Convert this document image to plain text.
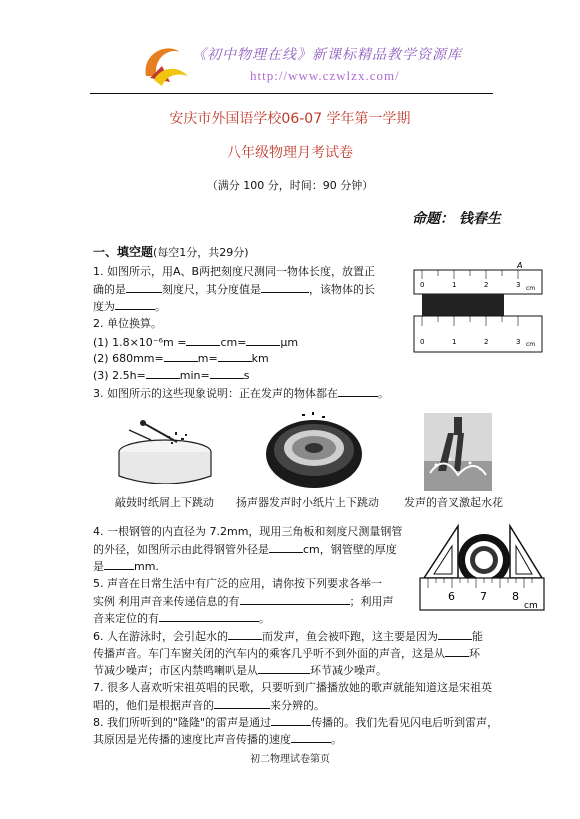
《初中物理在线》新课标精品教学资源库
http://www.czwlzx.com/
安庆市外国语学校06-07 学年第一学期
八年级物理月考试卷
（满分 100 分，时间：90 分钟）
命题： 钱春生
一、填空题(每空1分，共29分)
1. 如图所示，用A、B两把刻度尺测同一物体长度，放置正
确的是	刻度尺，其分度值是	，该物体的长
度为	。
A
0	1	2	3 cm
0	1	2	3 cm
2. 单位换算。
(1) 1.8×10⁻⁶m =	cm=	μm
(2) 680mm=	m=	km
(3) 2.5h=	min=	s
3. 如图所示的这些现象说明：正在发声的物体都在	。
敲鼓时纸屑上下跳动 扬声器发声时小纸片上下跳动 发声的音叉激起水花
4. 一根钢管的内直径为 7.2mm，现用三角板和刻度尺测量钢管
的外径，如图所示由此得钢管外径是	cm，钢管壁的厚度
是	mm.
6 7 8
cm
5. 声音在日常生活中有广泛的应用，请你按下列要求各举一
实例 利用声音来传递信息的有	；利用声
音来定位的有	。
6. 人在游泳时，会引起水的	而发声，鱼会被吓跑，这主要是因为	能
传播声音。车门车窗关闭的汽车内的乘客几乎听不到外面的声音，这是从 环
节减少噪声；市区内禁鸣喇叭是从	环节减少噪声。
7. 很多人喜欢听宋祖英唱的民歌，只要听到广播播放她的歌声就能知道这是宋祖英
唱的，他们是根据声音的	来分辨的。
8. 我们所听到的"隆隆"的雷声是通过	传播的。我们先看见闪电后听到雷声，
其原因是光传播的速度比声音传播的速度	。
初二物理试卷第页
